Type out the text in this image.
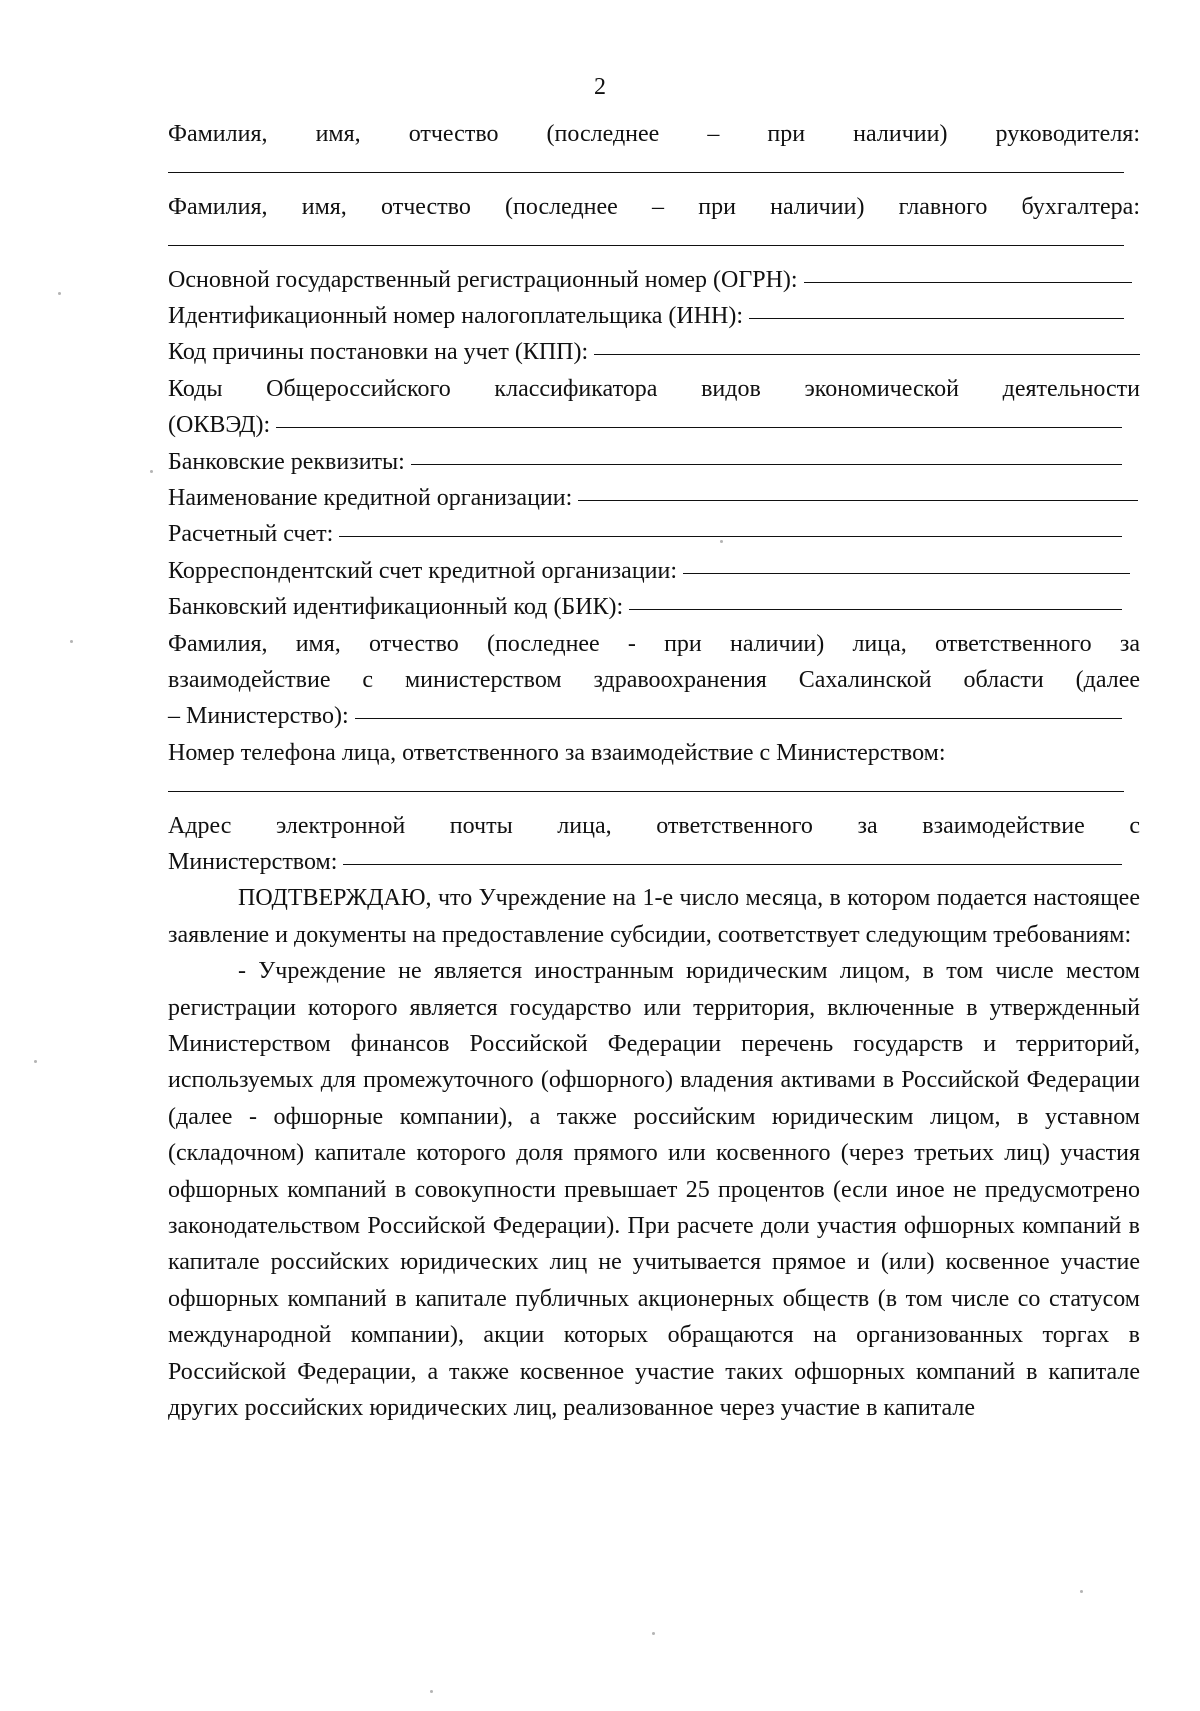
2
Фамилия, имя, отчество (последнее – при наличии) руководителя:
Фамилия, имя, отчество (последнее – при наличии) главного бухгалтера:
Основной государственный регистрационный номер (ОГРН):
Идентификационный номер налогоплательщика (ИНН):
Код причины постановки на учет (КПП):
Коды Общероссийского классификатора видов экономической деятельности
(ОКВЭД):
Банковские реквизиты:
Наименование кредитной организации:
Расчетный счет:
Корреспондентский счет кредитной организации:
Банковский идентификационный код (БИК):
Фамилия, имя, отчество (последнее - при наличии) лица, ответственного за
взаимодействие с министерством здравоохранения Сахалинской области (далее
– Министерство):
Номер телефона лица, ответственного за взаимодействие с Министерством:
Адрес электронной почты лица, ответственного за взаимодействие с
Министерством:
ПОДТВЕРЖДАЮ, что Учреждение на 1-е число месяца, в котором подается настоящее заявление и документы на предоставление субсидии, соответствует следующим требованиям:
- Учреждение не является иностранным юридическим лицом, в том числе местом регистрации которого является государство или территория, включенные в утвержденный Министерством финансов Российской Федерации перечень государств и территорий, используемых для промежуточного (офшорного) владения активами в Российской Федерации (далее - офшорные компании), а также российским юридическим лицом, в уставном (складочном) капитале которого доля прямого или косвенного (через третьих лиц) участия офшорных компаний в совокупности превышает 25 процентов (если иное не предусмотрено законодательством Российской Федерации). При расчете доли участия офшорных компаний в капитале российских юридических лиц не учитывается прямое и (или) косвенное участие офшорных компаний в капитале публичных акционерных обществ (в том числе со статусом международной компании), акции которых обращаются на организованных торгах в Российской Федерации, а также косвенное участие таких офшорных компаний в капитале других российских юридических лиц, реализованное через участие в капитале
